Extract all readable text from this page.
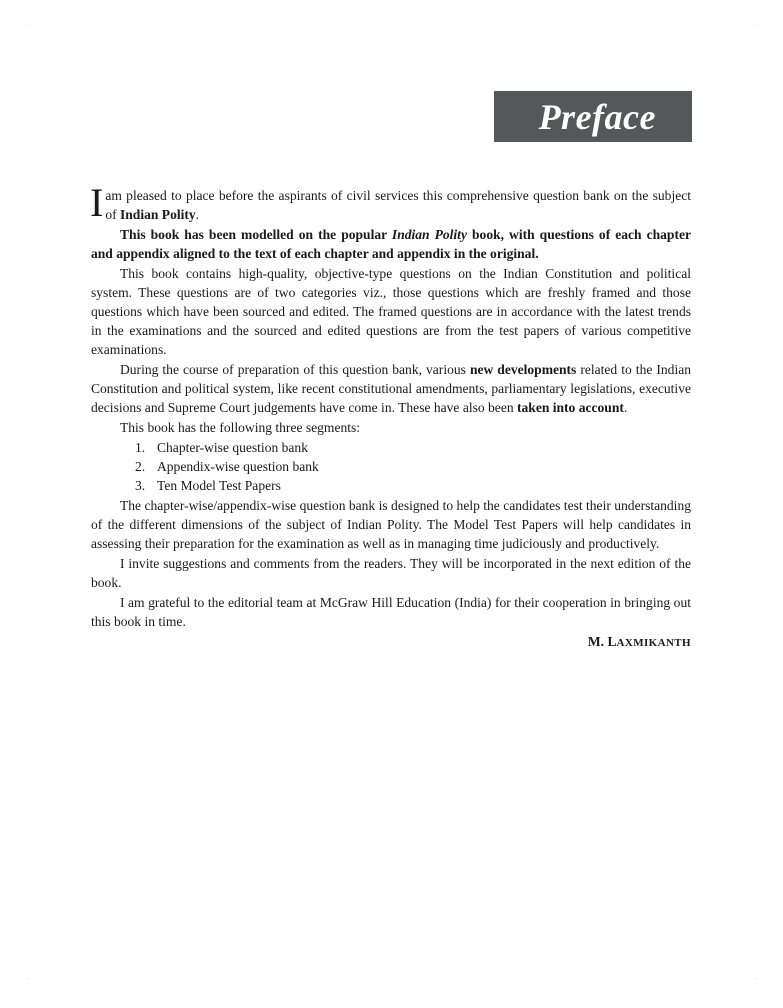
·	·
·	·
Preface

Iam pleased to place before the aspirants of civil services this comprehensive question bank on the subject of Indian Polity.

This book has been modelled on the popular Indian Polity book, with questions of each chapter and appendix aligned to the text of each chapter and appendix in the original.

This book contains high-quality, objective-type questions on the Indian Constitution and political system. These questions are of two categories viz., those questions which are freshly framed and those questions which have been sourced and edited. The framed questions are in accordance with the latest trends in the examinations and the sourced and edited questions are from the test papers of various competitive examinations.

During the course of preparation of this question bank, various new developments related to the Indian Constitution and political system, like recent constitutional amendments, parliamentary legislations, executive decisions and Supreme Court judgements have come in. These have also been taken into account.

This book has the following three segments:

1. Chapter-wise question bank
2. Appendix-wise question bank
3. Ten Model Test Papers

The chapter-wise/appendix-wise question bank is designed to help the candidates test their understanding of the different dimensions of the subject of Indian Polity. The Model Test Papers will help candidates in assessing their preparation for the examination as well as in managing time judiciously and productively.

I invite suggestions and comments from the readers. They will be incorporated in the next edition of the book.

I am grateful to the editorial team at McGraw Hill Education (India) for their cooperation in bringing out this book in time.

M. LAXMIKANTH
